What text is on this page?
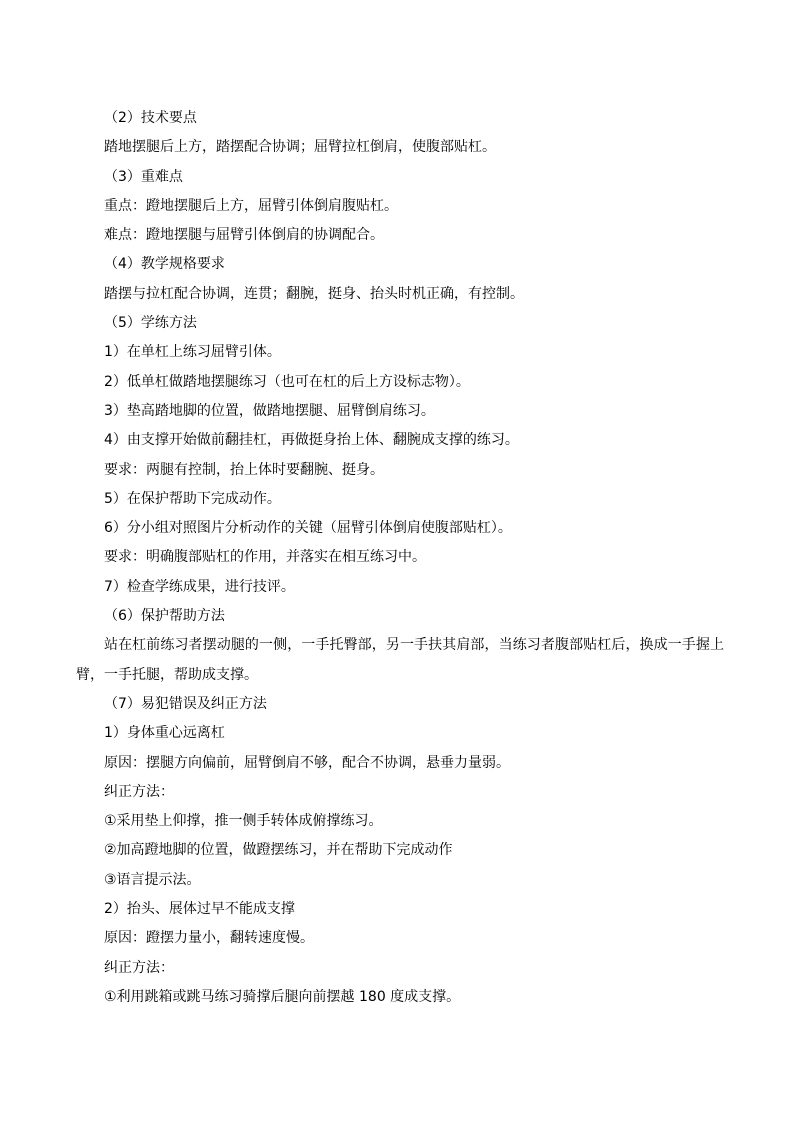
（2）技术要点
踏地摆腿后上方，踏摆配合协调；屈臂拉杠倒肩，使腹部贴杠。
（3）重难点
重点：蹬地摆腿后上方，屈臂引体倒肩腹贴杠。
难点：蹬地摆腿与屈臂引体倒肩的协调配合。
（4）教学规格要求
踏摆与拉杠配合协调，连贯；翻腕，挺身、抬头时机正确，有控制。
（5）学练方法
1）在单杠上练习屈臂引体。
2）低单杠做踏地摆腿练习（也可在杠的后上方设标志物）。
3）垫高踏地脚的位置，做踏地摆腿、屈臂倒肩练习。
4）由支撑开始做前翻挂杠，再做挺身抬上体、翻腕成支撑的练习。
要求：两腿有控制，抬上体时要翻腕、挺身。
5）在保护帮助下完成动作。
6）分小组对照图片分析动作的关键（屈臂引体倒肩使腹部贴杠）。
要求：明确腹部贴杠的作用，并落实在相互练习中。
7）检查学练成果，进行技评。
（6）保护帮助方法

站在杠前练习者摆动腿的一侧，一手托臀部，另一手扶其肩部，当练习者腹部贴杠后，换成一手握上臂，一手托腿，帮助成支撑。

（7）易犯错误及纠正方法
1）身体重心远离杠
原因：摆腿方向偏前，屈臂倒肩不够，配合不协调，悬垂力量弱。
纠正方法：
①采用垫上仰撑，推一侧手转体成俯撑练习。
②加高蹬地脚的位置，做蹬摆练习，并在帮助下完成动作
③语言提示法。
2）抬头、展体过早不能成支撑
原因：蹬摆力量小，翻转速度慢。
纠正方法：
①利用跳箱或跳马练习骑撑后腿向前摆越 180 度成支撑。
